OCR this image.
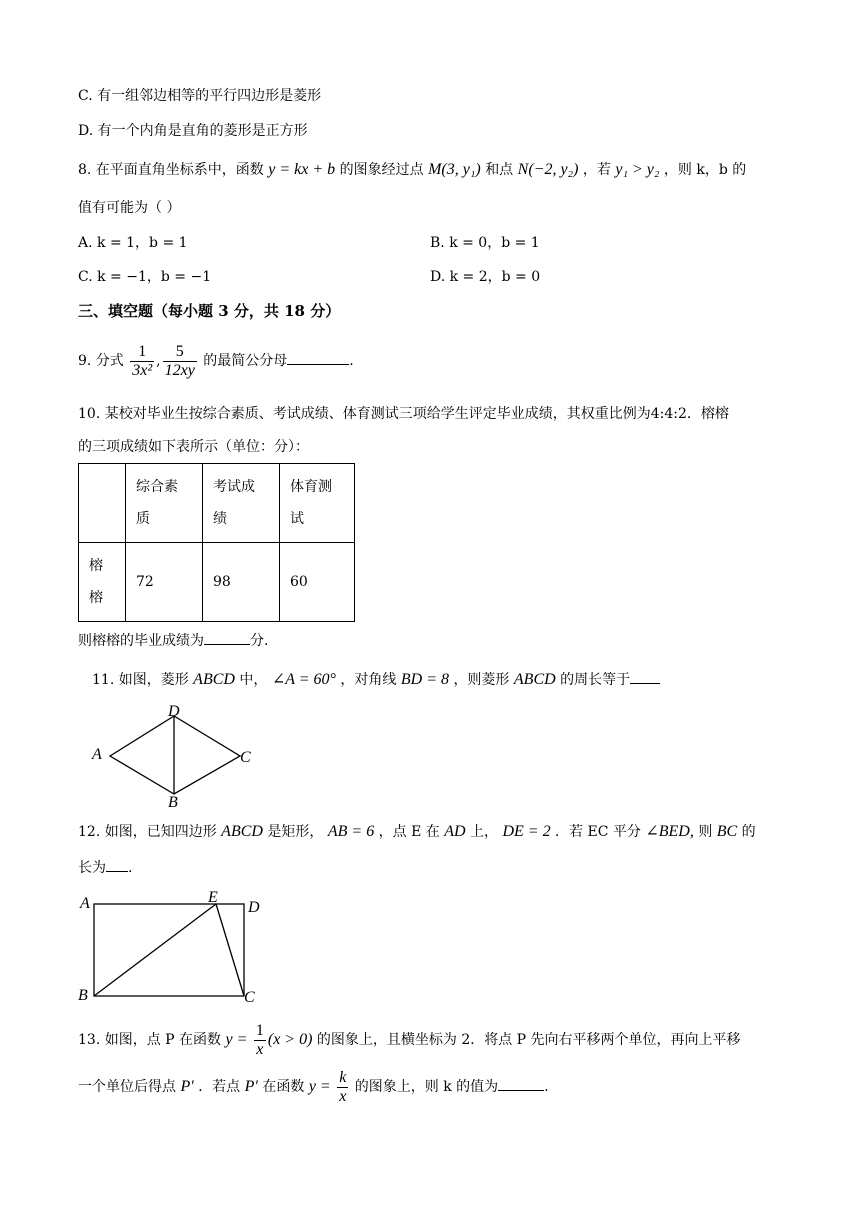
C. 有一组邻边相等的平行四边形是菱形
D. 有一个内角是直角的菱形是正方形
8. 在平面直角坐标系中，函数 y = kx + b 的图象经过点 M(3, y₁) 和点 N(−2, y₂) ，若 y₁ > y₂ ，则 k，b 的
值有可能为（ ）
A. k = 1，b = 1	B. k = 0，b = 1
C. k = −1，b = −1	D. k = 2，b = 0
三、填空题（每小题 3 分，共 18 分）
9. 分式 $\frac{1}{\text{3x²}}$ , $\frac{5}{12xy}$ 的最简公分母	.
10. 某校对毕业生按综合素质、考试成绩、体育测试三项给学生评定毕业成绩，其权重比例为4:4:2．榕榕
的三项成绩如下表所示（单位：分）：

	综合素质	考试成绩	体育测试

榕榕	72	98	60
则榕榕的毕业成绩为	分.
11. 如图，菱形 ABCD 中， ∠A = 60° ，对角线 BD = 8 ，则菱形 ABCD 的周长等于
A
D
C
B
12. 如图，已知四边形 ABCD 是矩形， AB = 6 ，点 E 在 AD 上， DE = 2 ．若 EC 平分 ∠BED, 则 BC 的
长为 .
A	E
D
B	C
13. 如图，点 P 在函数 $y = \frac{1}{x} (x > 0)$ 的图象上，且横坐标为 2．将点 P 先向右平移两个单位，再向上平移
一个单位后得点 P′ ．若点 P′ 在函数 $y = \frac{k}{x}$ 的图象上，则 k 的值为	.
